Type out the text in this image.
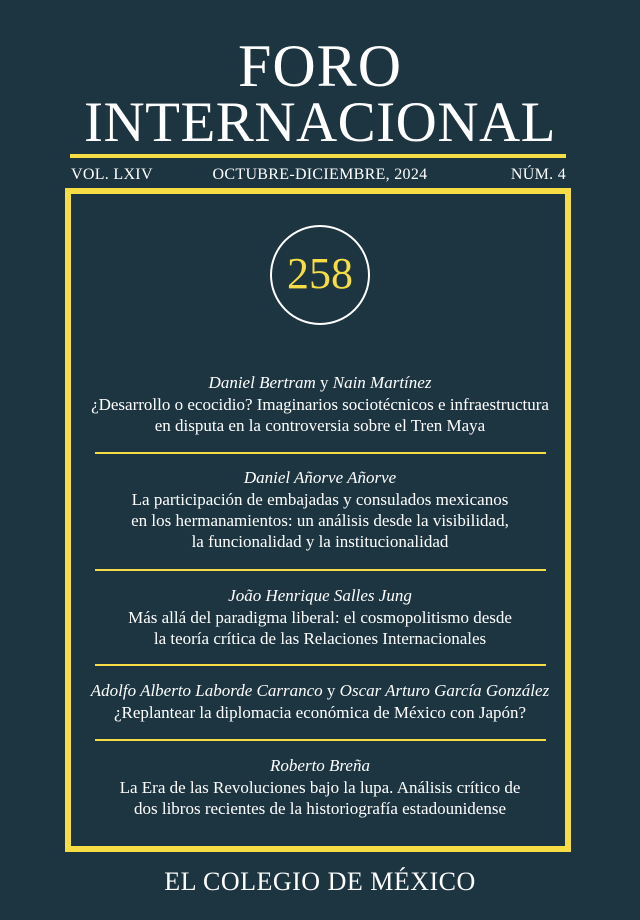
FORO
INTERNACIONAL
VOL. LXIV	OCTUBRE-DICIEMBRE, 2024	NÚM. 4
258
Daniel Bertram y Nain Martínez
¿Desarrollo o ecocidio? Imaginarios sociotécnicos e infraestructura
en disputa en la controversia sobre el Tren Maya
Daniel Añorve Añorve
La participación de embajadas y consulados mexicanos
en los hermanamientos: un análisis desde la visibilidad,
la funcionalidad y la institucionalidad
João Henrique Salles Jung
Más allá del paradigma liberal: el cosmopolitismo desde
la teoría crítica de las Relaciones Internacionales
Adolfo Alberto Laborde Carranco y Oscar Arturo García González
¿Replantear la diplomacia económica de México con Japón?
Roberto Breña
La Era de las Revoluciones bajo la lupa. Análisis crítico de
dos libros recientes de la historiografía estadounidense
EL COLEGIO DE MÉXICO
